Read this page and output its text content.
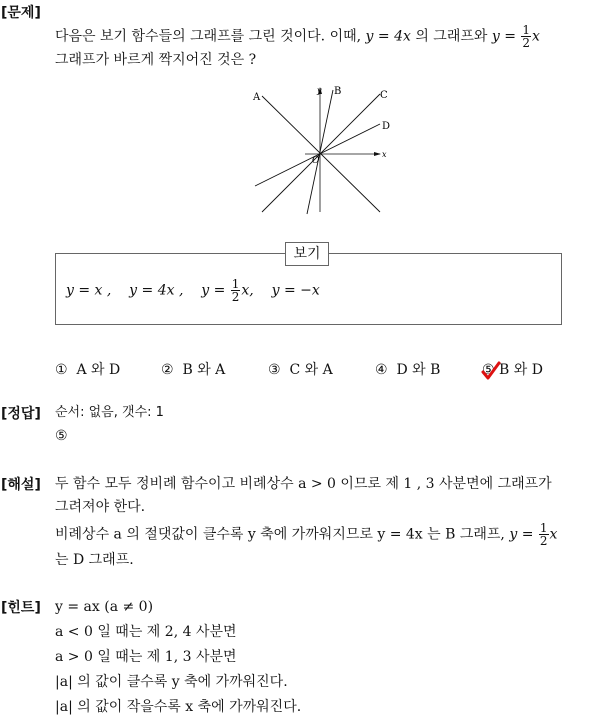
[문제]
다음은 보기 함수들의 그래프를 그린 것이다. 이때, y = 4x 의 그래프와 $y = \frac{1}{2}$ x
그래프가 바르게 짝지어진 것은 ?
A
B	C
D
y
x
O
보기
y = x , y = 4x , $y = \frac{1}{2} x$, y = −x
① A 와 D	② B 와 A	③ C 와 A	④ D 와 B	⑤ B 와 D
[정답] 순서: 없음, 갯수: 1
⑤
[해설] 두 함수 모두 정비례 함수이고 비례상수 a > 0 이므로 제 1 , 3 사분면에 그래프가
그려져야 한다.
비례상수 a 의 절댓값이 클수록 y 축에 가까워지므로 y = 4x 는 B 그래프, $y = \frac{1}{2}$ x
는 D 그래프.
[힌트] y = ax (a ≠ 0)
a < 0 일 때는 제 2, 4 사분면
a > 0 일 때는 제 1, 3 사분면
|a| 의 값이 클수록 y 축에 가까워진다.
|a| 의 값이 작을수록 x 축에 가까워진다.
